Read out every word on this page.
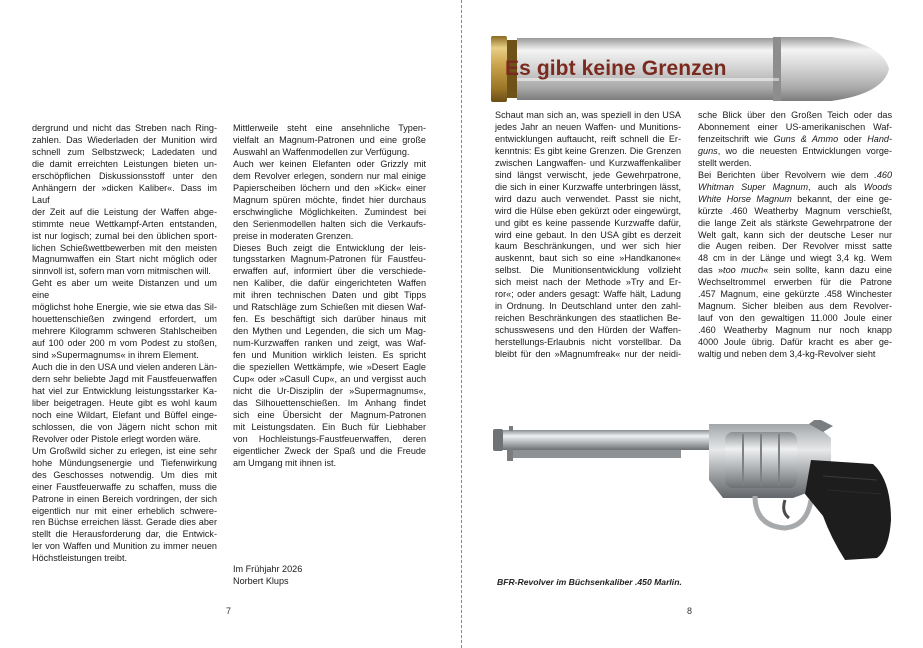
dergrund und nicht das Streben nach Ring-

zahlen. Das Wiederladen der Munition wird

schnell zum Selbstzweck; Ladedaten und

die damit erreichten Leistungen bieten un-

erschöpflichen Diskussionsstoff unter den

Anhängern der »dicken Kaliber«. Dass im Lauf

der Zeit auf die Leistung der Waffen abge-

stimmte neue Wettkampf-Arten entstanden,

ist nur logisch; zumal bei den üblichen sport-

lichen Schießwettbewerben mit den meisten

Magnumwaffen ein Start nicht möglich oder

sinnvoll ist, sofern man vorn mitmischen will.

Geht es aber um weite Distanzen und um eine

möglichst hohe Energie, wie sie etwa das Sil-

houettenschießen zwingend erfordert, um

mehrere Kilogramm schweren Stahlscheiben

auf 100 oder 200 m vom Podest zu stoßen,

sind »Supermagnums« in ihrem Element.

Auch die in den USA und vielen anderen Län-

dern sehr beliebte Jagd mit Faustfeuerwaffen

hat viel zur Entwicklung leistungsstarker Ka-

liber beigetragen. Heute gibt es wohl kaum

noch eine Wildart, Elefant und Büffel einge-

schlossen, die von Jägern nicht schon mit

Revolver oder Pistole erlegt worden wäre.

Um Großwild sicher zu erlegen, ist eine sehr

hohe Mündungsenergie und Tiefenwirkung

des Geschosses notwendig. Um dies mit

einer Faustfeuerwaffe zu schaffen, muss die

Patrone in einen Bereich vordringen, der sich

eigentlich nur mit einer erheblich schwere-

ren Büchse erreichen lässt. Gerade dies aber

stellt die Herausforderung dar, die Entwick-

ler von Waffen und Munition zu immer neuen

Höchstleistungen treibt.

Mittlerweile steht eine ansehnliche Typen-

vielfalt an Magnum-Patronen und eine große

Auswahl an Waffenmodellen zur Verfügung.

Auch wer keinen Elefanten oder Grizzly mit

dem Revolver erlegen, sondern nur mal einige

Papierscheiben löchern und den »Kick« einer

Magnum spüren möchte, findet hier durchaus

erschwingliche Möglichkeiten. Zumindest bei

den Serienmodellen halten sich die Verkaufs-

preise in moderaten Grenzen.

Dieses Buch zeigt die Entwicklung der leis-

tungsstarken Magnum-Patronen für Faustfeu-

erwaffen auf, informiert über die verschiede-

nen Kaliber, die dafür eingerichteten Waffen

mit ihren technischen Daten und gibt Tipps

und Ratschläge zum Schießen mit diesen Waf-

fen. Es beschäftigt sich darüber hinaus mit

den Mythen und Legenden, die sich um Mag-

num-Kurzwaffen ranken und zeigt, was Waf-

fen und Munition wirklich leisten. Es spricht

die speziellen Wettkämpfe, wie »Desert Eagle

Cup« oder »Casull Cup«, an und vergisst auch

nicht die Ur-Disziplin der »Supermagnums«,

das Silhouettenschießen. Im Anhang findet

sich eine Übersicht der Magnum-Patronen

mit Leistungsdaten. Ein Buch für Liebhaber

von Hochleistungs-Faustfeuerwaffen, deren

eigentlicher Zweck der Spaß und die Freude

am Umgang mit ihnen ist.

Im Frühjahr 2026
Norbert Klups
7
Es gibt keine Grenzen

Schaut man sich an, was speziell in den USA

jedes Jahr an neuen Waffen- und Munitions-

entwicklungen auftaucht, reift schnell die Er-

kenntnis: Es gibt keine Grenzen. Die Grenzen

zwischen Langwaffen- und Kurzwaffenkaliber

sind längst verwischt, jede Gewehrpatrone,

die sich in einer Kurzwaffe unterbringen lässt,

wird dazu auch verwendet. Passt sie nicht,

wird die Hülse eben gekürzt oder eingewürgt,

und gibt es keine passende Kurzwaffe dafür,

wird eine gebaut. In den USA gibt es derzeit

kaum Beschränkungen, und wer sich hier

auskennt, baut sich so eine »Handkanone«

selbst. Die Munitionsentwicklung vollzieht

sich meist nach der Methode »Try and Er-

ror«; oder anders gesagt: Waffe hält, Ladung

in Ordnung. In Deutschland unter den zahl-

reichen Beschränkungen des staatlichen Be-

schusswesens und den Hürden der Waffen-

herstellungs-Erlaubnis nicht vorstellbar. Da

bleibt für den »Magnumfreak« nur der neidi-

sche Blick über den Großen Teich oder das

Abonnement einer US-amerikanischen Waf-

fenzeitschrift wie Guns & Ammo oder Hand-

guns, wo die neuesten Entwicklungen vorge-

stellt werden.

Bei Berichten über Revolvern wie dem .460

Whitman Super Magnum, auch als Woods

White Horse Magnum bekannt, der eine ge-

kürzte .460 Weatherby Magnum verschießt,

die lange Zeit als stärkste Gewehrpatrone der

Welt galt, kann sich der deutsche Leser nur

die Augen reiben. Der Revolver misst satte

48 cm in der Länge und wiegt 3,4 kg. Wem

das »too much« sein sollte, kann dazu eine

Wechseltrommel erwerben für die Patrone

.457 Magnum, eine gekürzte .458 Winchester

Magnum. Sicher bleiben aus dem Revolver-

lauf von den gewaltigen 11.000 Joule einer

.460 Weatherby Magnum nur noch knapp

4000 Joule übrig. Dafür kracht es aber ge-

waltig und neben dem 3,4-kg-Revolver sieht

BFR-Revolver im Büchsenkaliber .450 Marlin.
8
